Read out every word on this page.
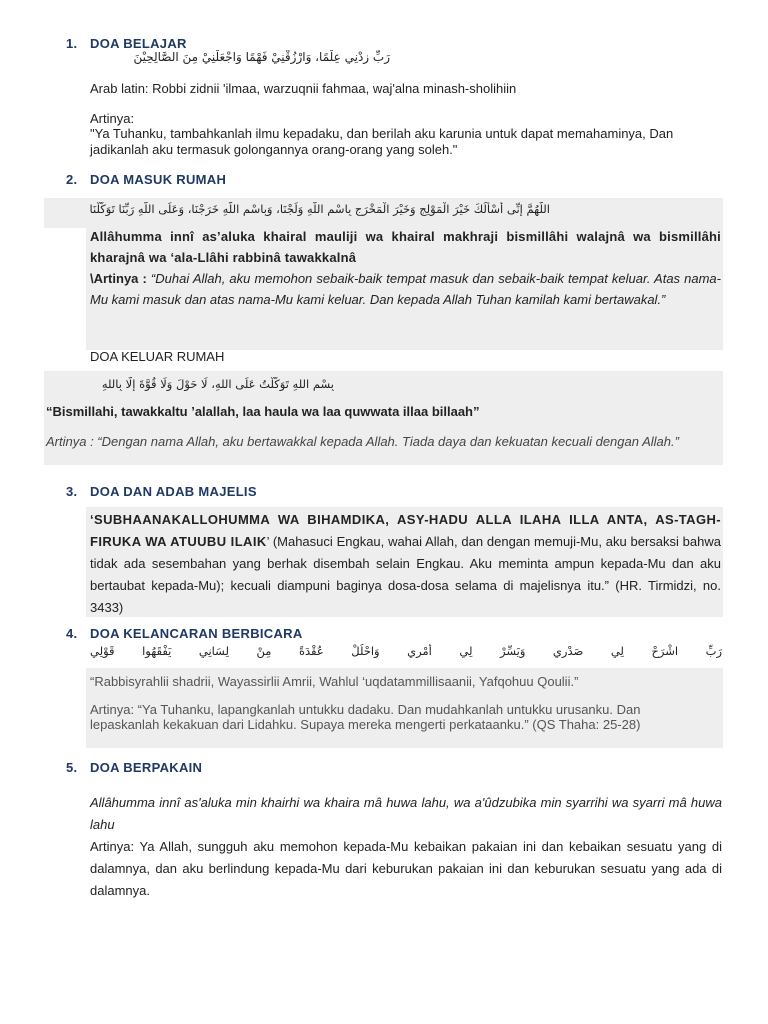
1. DOA BELAJAR
رَبِّ زِدْنِي عِلْمًا، وَارْزُقْنِيْ فَهْمًا وَاجْعَلْنِيْ مِنَ الصَّالِحِيْنَ
Arab latin: Robbi zidnii 'ilmaa, warzuqnii fahmaa, waj'alna minash-sholihiin
Artinya:
"Ya Tuhanku, tambahkanlah ilmu kepadaku, dan berilah aku karunia untuk dapat memahaminya, Dan jadikanlah aku termasuk golongannya orang-orang yang soleh."
2. DOA MASUK RUMAH
اللَّهُمَّ إِنِّى أَسْأَلُكَ خَيْرَ الْمَوْلِجِ وَخَيْرَ الْمَخْرَجِ بِاسْمِ اللَّهِ وَلَجْنَا، وَبِاسْمِ اللَّهِ خَرَجْنَا، وَعَلَى اللَّهِ رَبِّنَا تَوَكَّلْنَا

Allâhumma innî as’aluka khairal mauliji wa khairal makhraji bismillâhi walajnâ wa bismillâhi kharajnâ wa ‘ala-Llâhi rabbinâ tawakkalnâ

\Artinya : “Duhai Allah, aku memohon sebaik-baik tempat masuk dan sebaik-baik tempat keluar. Atas nama-Mu kami masuk dan atas nama-Mu kami keluar. Dan kepada Allah Tuhan kamilah kami bertawakal.”

DOA KELUAR RUMAH
بِسْمِ اللهِ تَوَكَّلْتُ عَلَى اللهِ، لَا حَوْلَ وَلَا قُوَّةَ إِلَّا بِاللهِ

“Bismillahi, tawakkaltu ’alallah, laa haula wa laa quwwata illaa billaah”

Artinya : “Dengan nama Allah, aku bertawakkal kepada Allah. Tiada daya dan kekuatan kecuali dengan Allah.”

3. DOA DAN ADAB MAJELIS

‘SUBHAANAKALLOHUMMA WA BIHAMDIKA, ASY-HADU ALLA ILAHA ILLA ANTA, AS-TAGH-FIRUKA WA ATUUBU ILAIK’ (Mahasuci Engkau, wahai Allah, dan dengan memuji-Mu, aku bersaksi bahwa tidak ada sesembahan yang berhak disembah selain Engkau. Aku meminta ampun kepada-Mu dan aku bertaubat kepada-Mu); kecuali diampuni baginya dosa-dosa selama di majelisnya itu.” (HR. Tirmidzi, no. 3433)

4. DOA KELANCARAN BERBICARA
رَبِّ اشْرَحْ لِي صَدْرِي وَيَسِّرْ لِي أَمْرِي وَاحْلُلْ عُقْدَةً مِنْ لِسَانِي يَفْقَهُوا قَوْلِي

“Rabbisyrahlii shadrii, Wayassirlii Amrii, Wahlul ‘uqdatammillisaanii, Yafqohuu Qoulii.”

Artinya: “Ya Tuhanku, lapangkanlah untukku dadaku. Dan mudahkanlah untukku urusanku. Dan lepaskanlah kekakuan dari Lidahku. Supaya mereka mengerti perkataanku.” (QS Thaha: 25-28)

5. DOA BERPAKAIN

Allâhumma innî as'aluka min khairhi wa khaira mâ huwa lahu, wa a'ûdzubika min syarrihi wa syarri mâ huwa lahu

Artinya: Ya Allah, sungguh aku memohon kepada-Mu kebaikan pakaian ini dan kebaikan sesuatu yang di dalamnya, dan aku berlindung kepada-Mu dari keburukan pakaian ini dan keburukan sesuatu yang ada di dalamnya.
